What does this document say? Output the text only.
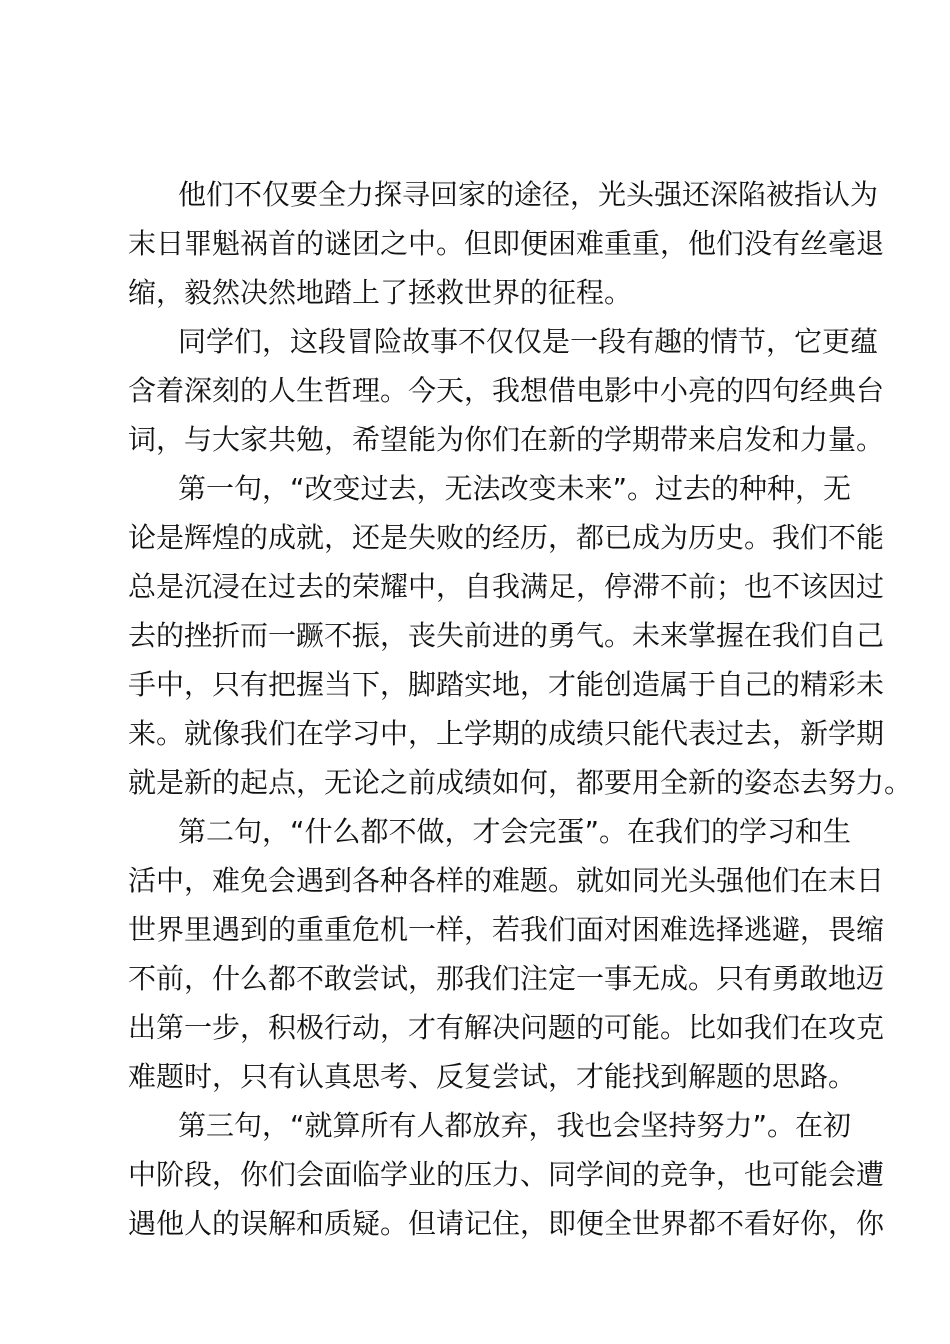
他们不仅要全力探寻回家的途径，光头强还深陷被指认为
末日罪魁祸首的谜团之中。但即便困难重重，他们没有丝毫退
缩，毅然决然地踏上了拯救世界的征程。
同学们，这段冒险故事不仅仅是一段有趣的情节，它更蕴
含着深刻的人生哲理。今天，我想借电影中小亮的四句经典台
词，与大家共勉，希望能为你们在新的学期带来启发和力量。
第一句，“改变过去，无法改变未来”。过去的种种，无
论是辉煌的成就，还是失败的经历，都已成为历史。我们不能
总是沉浸在过去的荣耀中，自我满足，停滞不前；也不该因过
去的挫折而一蹶不振，丧失前进的勇气。未来掌握在我们自己
手中，只有把握当下，脚踏实地，才能创造属于自己的精彩未
来。就像我们在学习中，上学期的成绩只能代表过去，新学期
就是新的起点，无论之前成绩如何，都要用全新的姿态去努力。
第二句，“什么都不做，才会完蛋”。在我们的学习和生
活中，难免会遇到各种各样的难题。就如同光头强他们在末日
世界里遇到的重重危机一样，若我们面对困难选择逃避，畏缩
不前，什么都不敢尝试，那我们注定一事无成。只有勇敢地迈
出第一步，积极行动，才有解决问题的可能。比如我们在攻克
难题时，只有认真思考、反复尝试，才能找到解题的思路。
第三句，“就算所有人都放弃，我也会坚持努力”。在初
中阶段，你们会面临学业的压力、同学间的竞争，也可能会遭
遇他人的误解和质疑。但请记住，即便全世界都不看好你，你
